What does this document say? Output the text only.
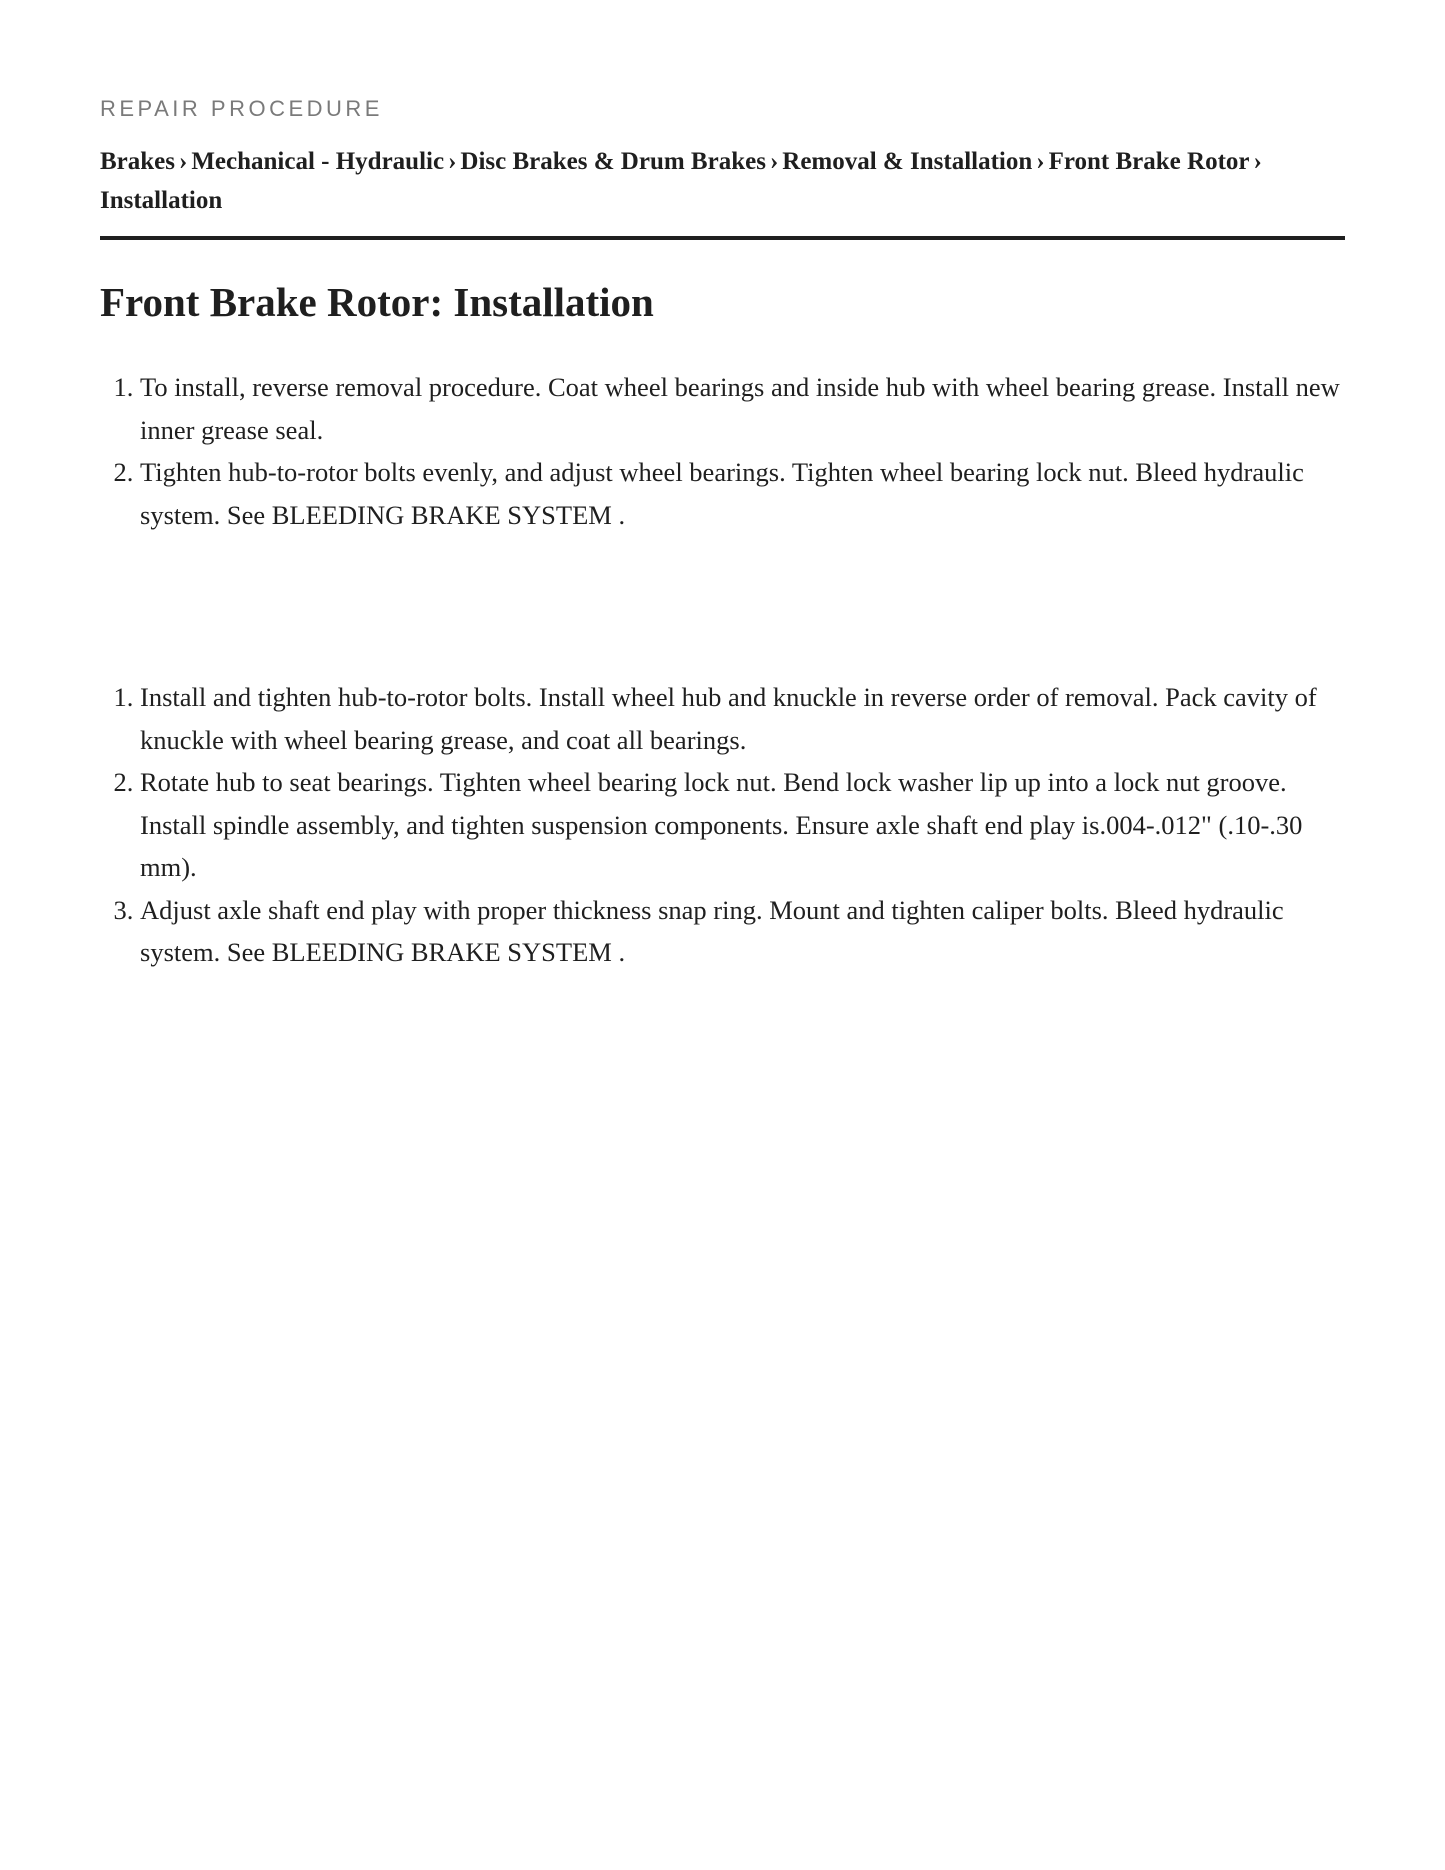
REPAIR PROCEDURE
Brakes › Mechanical - Hydraulic › Disc Brakes & Drum Brakes › Removal & Installation › Front Brake Rotor ›
Installation
Front Brake Rotor: Installation
1. To install, reverse removal procedure. Coat wheel bearings and inside hub with wheel bearing grease. Install new inner grease seal.
2. Tighten hub-to-rotor bolts evenly, and adjust wheel bearings. Tighten wheel bearing lock nut. Bleed hydraulic system. See BLEEDING BRAKE SYSTEM .
1. Install and tighten hub-to-rotor bolts. Install wheel hub and knuckle in reverse order of removal. Pack cavity of knuckle with wheel bearing grease, and coat all bearings.
2. Rotate hub to seat bearings. Tighten wheel bearing lock nut. Bend lock washer lip up into a lock nut groove. Install spindle assembly, and tighten suspension components. Ensure axle shaft end play is.004-.012" (.10-.30 mm).
3. Adjust axle shaft end play with proper thickness snap ring. Mount and tighten caliper bolts. Bleed hydraulic system. See BLEEDING BRAKE SYSTEM .
